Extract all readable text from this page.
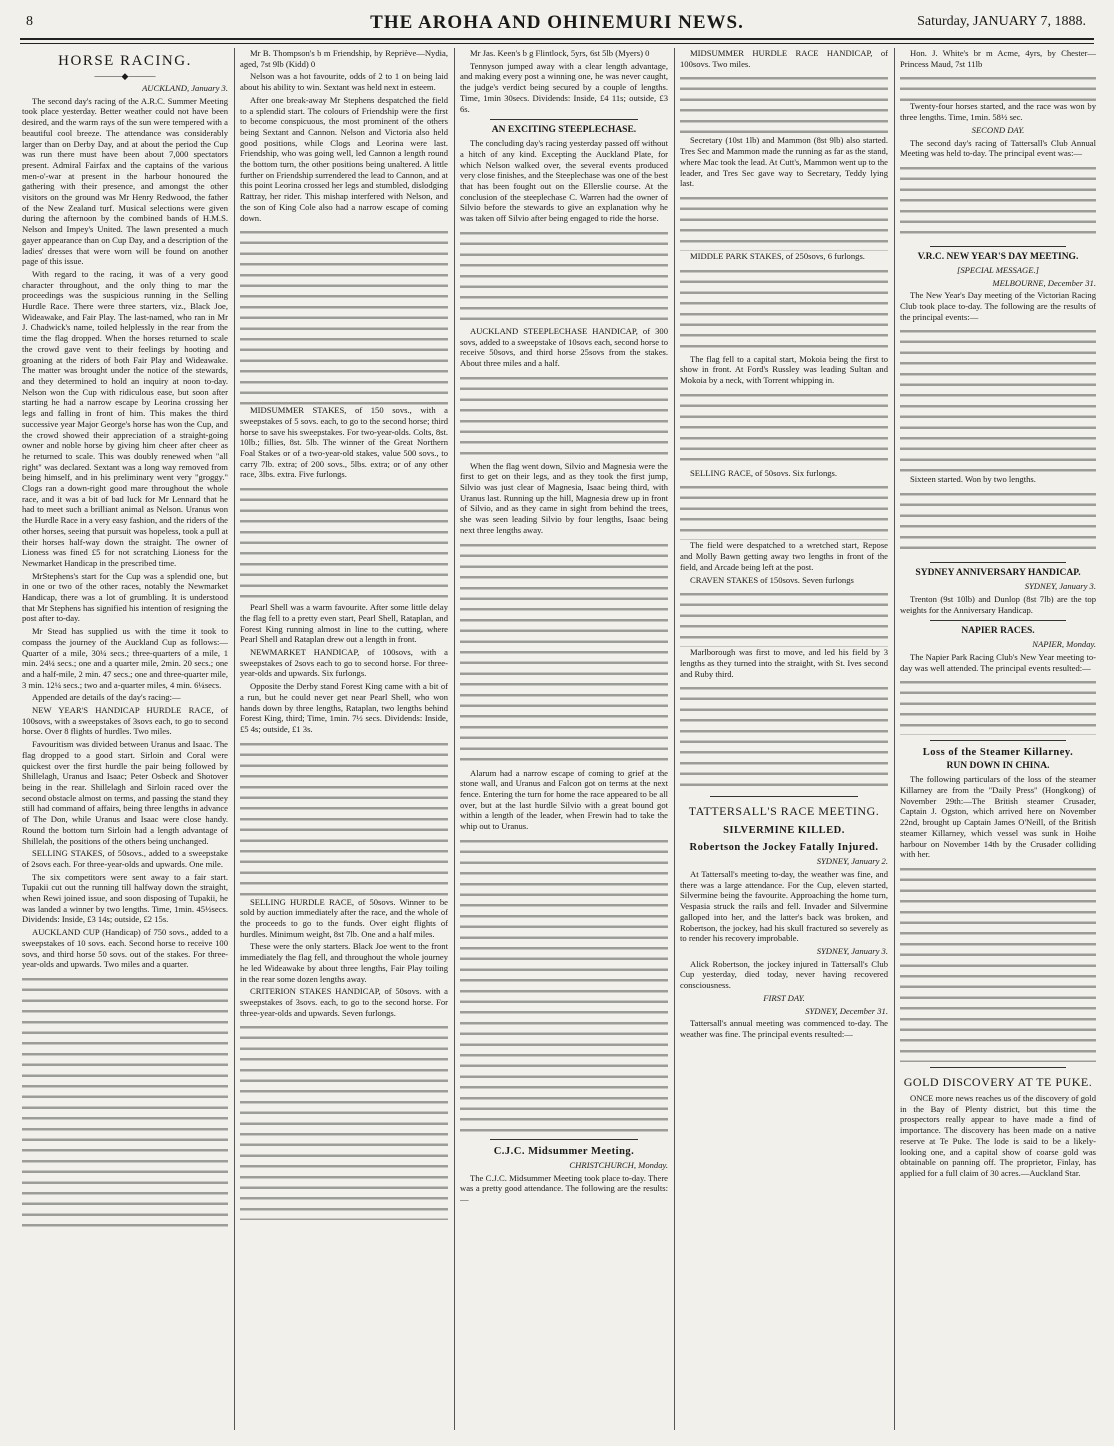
8	THE AROHA AND OHINEMURI NEWS.	Saturday, JANUARY 7, 1888.
HORSE RACING.
———◆———
AUCKLAND, January 3.

The second day's racing of the A.R.C. Summer Meeting took place yesterday. Better weather could not have been desired, and the warm rays of the sun were tempered with a beautiful cool breeze. The attendance was considerably larger than on Derby Day, and at about the period the Cup was run there must have been about 7,000 spectators present. Admiral Fairfax and the captains of the various men-o'-war at present in the harbour honoured the gathering with their presence, and amongst the other visitors on the ground was Mr Henry Redwood, the father of the New Zealand turf. Musical selections were given during the afternoon by the combined bands of H.M.S. Nelson and Impey's United. The lawn presented a much gayer appearance than on Cup Day, and a description of the ladies' dresses that were worn will be found on another page of this issue.

With regard to the racing, it was of a very good character throughout, and the only thing to mar the proceedings was the suspicious running in the Selling Hurdle Race. There were three starters, viz., Black Joe, Wideawake, and Fair Play. The last-named, who ran in Mr J. Chadwick's name, toiled helplessly in the rear from the time the flag dropped. When the horses returned to scale the crowd gave vent to their feelings by hooting and groaning at the riders of both Fair Play and Wideawake. The matter was brought under the notice of the stewards, and they determined to hold an inquiry at noon to-day. Nelson won the Cup with ridiculous ease, but soon after starting he had a narrow escape by Leorina crossing her legs and falling in front of him. This makes the third successive year Major George's horse has won the Cup, and the crowd showed their appreciation of a straight-going owner and noble horse by giving him cheer after cheer as he returned to scale. This was doubly renewed when "all right" was declared. Sextant was a long way removed from being himself, and in his preliminary went very "groggy." Clogs ran a down-right good mare throughout the whole race, and it was a bit of bad luck for Mr Lennard that he had to meet such a brilliant animal as Nelson. Uranus won the Hurdle Race in a very easy fashion, and the riders of the other horses, seeing that pursuit was hopeless, took a pull at their horses half-way down the straight. The owner of Lioness was fined £5 for not scratching Lioness for the Newmarket Handicap in the prescribed time.

MrStephens's start for the Cup was a splendid one, but in one or two of the other races, notably the Newmarket Handicap, there was a lot of grumbling. It is understood that Mr Stephens has signified his intention of resigning the post after to-day.

Mr Stead has supplied us with the time it took to compass the journey of the Auckland Cup as follows:—Quarter of a mile, 30¼ secs.; three-quarters of a mile, 1 min. 24¼ secs.; one and a quarter mile, 2min. 20 secs.; one and a half-mile, 2 min. 47 secs.; one and three-quarter mile, 3 min. 12¼ secs.; two and a-quarter miles, 4 min. 6¼secs.

Appended are details of the day's racing:—

NEW YEAR'S HANDICAP HURDLE RACE, of 100sovs, with a sweepstakes of 3sovs each, to go to second horse. Over 8 flights of hurdles. Two miles.

Favouritism was divided between Uranus and Isaac. The flag dropped to a good start. Sirloin and Coral were quickest over the first hurdle the pair being followed by Shillelagh, Uranus and Isaac; Peter Osbeck and Shotover being in the rear. Shillelagh and Sirloin raced over the second obstacle almost on terms, and passing the stand they still had command of affairs, being three lengths in advance of The Don, while Uranus and Isaac were close handy. Round the bottom turn Sirloin had a length advantage of Shillelah, the positions of the others being unchanged.

SELLING STAKES, of 50sovs., added to a sweepstake of 2sovs each. For three-year-olds and upwards. One mile.

The six competitors were sent away to a fair start. Tupakii cut out the running till halfway down the straight, when Rewi joined issue, and soon disposing of Tupakii, he was landed a winner by two lengths. Time, 1min. 45½secs. Dividends: Inside, £3 14s; outside, £2 15s.

AUCKLAND CUP (Handicap) of 750 sovs., added to a sweepstakes of 10 sovs. each. Second horse to receive 100 sovs, and third horse 50 sovs. out of the stakes. For three-year-olds and upwards. Two miles and a quarter.

Mr B. Thompson's b m Friendship, by Repriève—Nydia, aged, 7st 9lb (Kidd) 0

Nelson was a hot favourite, odds of 2 to 1 on being laid about his ability to win. Sextant was held next in esteem.

After one break-away Mr Stephens despatched the field to a splendid start. The colours of Friendship were the first to become conspicuous, the most prominent of the others being Sextant and Cannon. Nelson and Victoria also held good positions, while Clogs and Leorina were last. Friendship, who was going well, led Cannon a length round the bottom turn, the other positions being unaltered. A little further on Friendship surrendered the lead to Cannon, and at this point Leorina crossed her legs and stumbled, dislodging Rattray, her rider. This mishap interfered with Nelson, and the son of King Cole also had a narrow escape of coming down.

MIDSUMMER STAKES, of 150 sovs., with a sweepstakes of 5 sovs. each, to go to the second horse; third horse to save his sweepstakes. For two-year-olds. Colts, 8st. 10lb.; fillies, 8st. 5lb. The winner of the Great Northern Foal Stakes or of a two-year-old stakes, value 500 sovs., to carry 7lb. extra; of 200 sovs., 5lbs. extra; or of any other race, 3lbs. extra. Five furlongs.

Pearl Shell was a warm favourite. After some little delay the flag fell to a pretty even start, Pearl Shell, Rataplan, and Forest King running almost in line to the cutting, where Pearl Shell and Rataplan drew out a length in front.

NEWMARKET HANDICAP, of 100sovs, with a sweepstakes of 2sovs each to go to second horse. For three-year-olds and upwards. Six furlongs.

Opposite the Derby stand Forest King came with a bit of a run, but he could never get near Pearl Shell, who won hands down by three lengths, Rataplan, two lengths behind Forest King, third; Time, 1min. 7½ secs. Dividends: Inside, £5 4s; outside, £1 3s.

SELLING HURDLE RACE, of 50sovs. Winner to be sold by auction immediately after the race, and the whole of the proceeds to go to the funds. Over eight flights of hurdles. Minimum weight, 8st 7lb. One and a half miles.

These were the only starters. Black Joe went to the front immediately the flag fell, and throughout the whole journey he led Wideawake by about three lengths, Fair Play toiling in the rear some dozen lengths away.

CRITERION STAKES HANDICAP, of 50sovs. with a sweepstakes of 3sovs. each, to go to the second horse. For three-year-olds and upwards. Seven furlongs.

Mr Jas. Keen's b g Flintlock, 5yrs, 6st 5lb (Myers) 0

Tennyson jumped away with a clear length advantage, and making every post a winning one, he was never caught, the judge's verdict being secured by a couple of lengths. Time, 1min 30secs. Dividends: Inside, £4 11s; outside, £3 6s.

AN EXCITING STEEPLECHASE.

The concluding day's racing yesterday passed off without a hitch of any kind. Excepting the Auckland Plate, for which Nelson walked over, the several events produced very close finishes, and the Steeplechase was one of the best that has been fought out on the Ellerslie course. At the conclusion of the steeplechase C. Warren had the owner of Silvio before the stewards to give an explanation why he was taken off Silvio after being engaged to ride the horse.

AUCKLAND STEEPLECHASE HANDICAP, of 300 sovs, added to a sweepstake of 10sovs each, second horse to receive 50sovs, and third horse 25sovs from the stakes. About three miles and a half.

When the flag went down, Silvio and Magnesia were the first to get on their legs, and as they took the first jump, Silvio was just clear of Magnesia, Isaac being third, with Uranus last. Running up the hill, Magnesia drew up in front of Silvio, and as they came in sight from behind the trees, she was seen leading Silvio by four lengths, Isaac being next three lengths away.

Alarum had a narrow escape of coming to grief at the stone wall, and Uranus and Falcon got on terms at the next fence. Entering the turn for home the race appeared to be all over, but at the last hurdle Silvio with a great bound got within a length of the leader, when Frewin had to take the whip out to Uranus.

C.J.C. Midsummer Meeting.
CHRISTCHURCH, Monday.

The C.J.C. Midsummer Meeting took place to-day. There was a pretty good attendance. The following are the results:—

MIDSUMMER HURDLE RACE HANDICAP, of 100sovs. Two miles.

Secretary (10st 1lb) and Mammon (8st 9lb) also started. Tres Sec and Mammon made the running as far as the stand, where Mac took the lead. At Cutt's, Mammon went up to the leader, and Tres Sec gave way to Secretary, Teddy lying last.

MIDDLE PARK STAKES, of 250sovs, 6 furlongs.

The flag fell to a capital start, Mokoia being the first to show in front. At Ford's Russley was leading Sultan and Mokoia by a neck, with Torrent whipping in.

SELLING RACE, of 50sovs. Six furlongs.

The field were despatched to a wretched start, Repose and Molly Bawn getting away two lengths in front of the field, and Arcade being left at the post.

CRAVEN STAKES of 150sovs. Seven furlongs

Marlborough was first to move, and led his field by 3 lengths as they turned into the straight, with St. Ives second and Ruby third.

TATTERSALL'S RACE MEETING.
SILVERMINE KILLED.
Robertson the Jockey Fatally Injured.
SYDNEY, January 2.

At Tattersall's meeting to-day, the weather was fine, and there was a large attendance. For the Cup, eleven started, Silvermine being the favourite. Approaching the home turn, Vespasia struck the rails and fell. Invader and Silvermine galloped into her, and the latter's back was broken, and Robertson, the jockey, had his skull fractured so severely as to render his recovery improbable.

SYDNEY, January 3.

Alick Robertson, the jockey injured in Tattersall's Club Cup yesterday, died today, never having recovered consciousness.

FIRST DAY.
SYDNEY, December 31.

Tattersall's annual meeting was commenced to-day. The weather was fine. The principal events resulted:—

Hon. J. White's br m Acme, 4yrs, by Chester—Princess Maud, 7st 11lb

Twenty-four horses started, and the race was won by three lengths. Time, 1min. 58½ sec.

SECOND DAY.

The second day's racing of Tattersall's Club Annual Meeting was held to-day. The principal event was:—

V.R.C. NEW YEAR'S DAY MEETING.
[SPECIAL MESSAGE.]
MELBOURNE, December 31.

The New Year's Day meeting of the Victorian Racing Club took place to-day. The following are the results of the principal events:—

Sixteen started. Won by two lengths.

SYDNEY ANNIVERSARY HANDICAP.
SYDNEY, January 3.

Trenton (9st 10lb) and Dunlop (8st 7lb) are the top weights for the Anniversary Handicap.

NAPIER RACES.
NAPIER, Monday.

The Napier Park Racing Club's New Year meeting to-day was well attended. The principal events resulted:—

Loss of the Steamer Killarney.
RUN DOWN IN CHINA.

The following particulars of the loss of the steamer Killarney are from the "Daily Press" (Hongkong) of November 29th:—The British steamer Crusader, Captain J. Ogston, which arrived here on November 22nd, brought up Captain James O'Neill, of the British steamer Killarney, which vessel was sunk in Hoihe harbour on November 14th by the Crusader colliding with her.

GOLD DISCOVERY AT TE PUKE.

ONCE more news reaches us of the discovery of gold in the Bay of Plenty district, but this time the prospectors really appear to have made a find of importance. The discovery has been made on a native reserve at Te Puke. The lode is said to be a likely-looking one, and a capital show of coarse gold was obtainable on panning off. The proprietor, Finlay, has applied for a full claim of 30 acres.—Auckland Star.
